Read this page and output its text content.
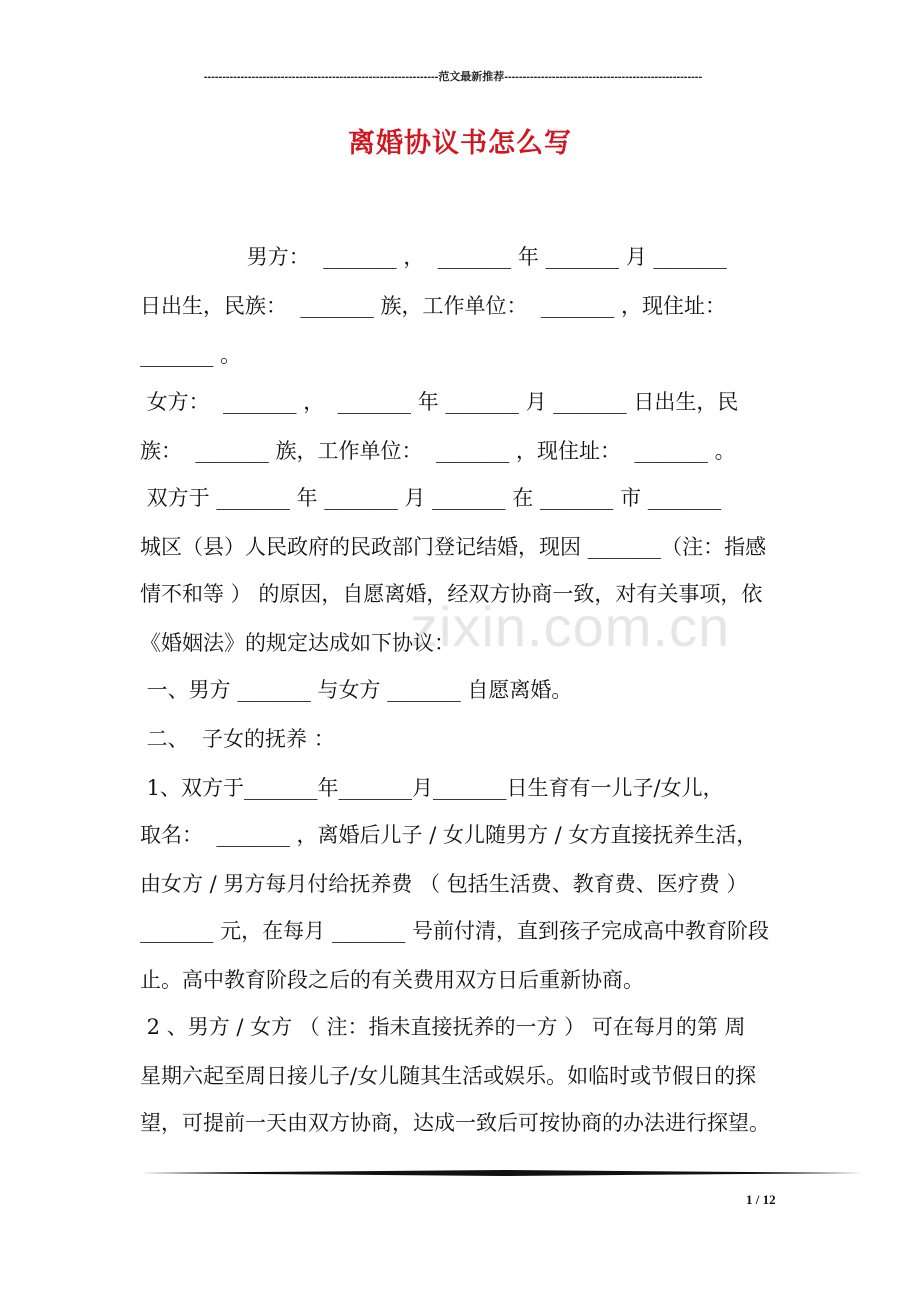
----------------------------------------------------------------范文最新推荐------------------------------------------------------
离婚协议书怎么写
zixin.com.cn
男方：  _______ ，  _______ 年 _______ 月 _______
日出生，民族：  _______ 族，工作单位：  _______ ，现住址：
_______ 。
女方：  _______ ，  _______ 年 _______ 月 _______ 日出生，民
族：  _______ 族，工作单位：  _______ ，现住址：  _______ 。
双方于 _______ 年 _______ 月 _______ 在 _______ 市 _______
城区（县）人民政府的民政部门登记结婚，现因 _______（注：指感
情不和等 ） 的原因，自愿离婚，经双方协商一致，对有关事项，依
《婚姻法》的规定达成如下协议：
一、男方 _______ 与女方 _______ 自愿离婚。
二、  子女的抚养 ：
1、双方于_______年_______月_______日生育有一儿子/女儿，
取名：  _______ ，离婚后儿子 / 女儿随男方 / 女方直接抚养生活，
由女方 / 男方每月付给抚养费 （ 包括生活费、教育费、医疗费 ）
_______ 元，在每月 _______ 号前付清，直到孩子完成高中教育阶段
止。高中教育阶段之后的有关费用双方日后重新协商。
2 、男方 / 女方 （ 注：指未直接抚养的一方 ） 可在每月的第 周
星期六起至周日接儿子/女儿随其生活或娱乐。如临时或节假日的探
望，可提前一天由双方协商，达成一致后可按协商的办法进行探望。
1 / 12
